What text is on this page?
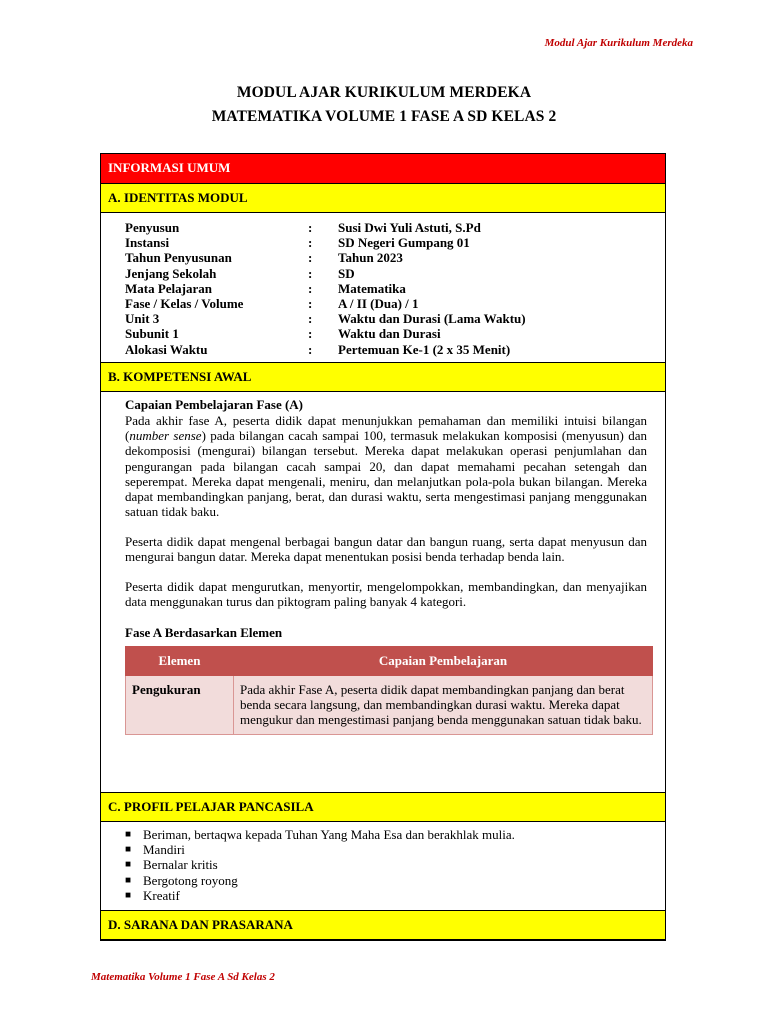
Modul Ajar Kurikulum Merdeka
MODUL AJAR KURIKULUM MERDEKA
MATEMATIKA VOLUME 1 FASE A SD KELAS 2
INFORMASI UMUM
A. IDENTITAS MODUL
Penyusun	:	Susi Dwi Yuli Astuti, S.Pd
Instansi	:	SD Negeri Gumpang 01
Tahun Penyusunan	:	Tahun 2023
Jenjang Sekolah	:	SD
Mata Pelajaran	:	Matematika
Fase / Kelas / Volume	:	A / II (Dua) / 1
Unit 3	:	Waktu dan Durasi (Lama Waktu)
Subunit 1	:	Waktu dan Durasi
Alokasi Waktu	:	Pertemuan Ke-1 (2 x 35 Menit)
B. KOMPETENSI AWAL
Capaian Pembelajaran Fase (A)
Pada akhir fase A, peserta didik dapat menunjukkan pemahaman dan memiliki intuisi bilangan (number sense) pada bilangan cacah sampai 100, termasuk melakukan komposisi (menyusun) dan dekomposisi (mengurai) bilangan tersebut. Mereka dapat melakukan operasi penjumlahan dan pengurangan pada bilangan cacah sampai 20, dan dapat memahami pecahan setengah dan seperempat. Mereka dapat mengenali, meniru, dan melanjutkan pola-pola bukan bilangan. Mereka dapat membandingkan panjang, berat, dan durasi waktu, serta mengestimasi panjang menggunakan satuan tidak baku.
Peserta didik dapat mengenal berbagai bangun datar dan bangun ruang, serta dapat menyusun dan mengurai bangun datar. Mereka dapat menentukan posisi benda terhadap benda lain.
Peserta didik dapat mengurutkan, menyortir, mengelompokkan, membandingkan, dan menyajikan data menggunakan turus dan piktogram paling banyak 4 kategori.
Fase A Berdasarkan Elemen
Elemen	Capaian Pembelajaran
Pengukuran	Pada akhir Fase A, peserta didik dapat membandingkan panjang dan berat benda secara langsung, dan membandingkan durasi waktu. Mereka dapat mengukur dan mengestimasi panjang benda menggunakan satuan tidak baku.
C. PROFIL PELAJAR PANCASILA
■ Beriman, bertaqwa kepada Tuhan Yang Maha Esa dan berakhlak mulia.
■ Mandiri
■ Bernalar kritis
■ Bergotong royong
■ Kreatif
D. SARANA DAN PRASARANA
Matematika Volume 1 Fase A Sd Kelas 2
